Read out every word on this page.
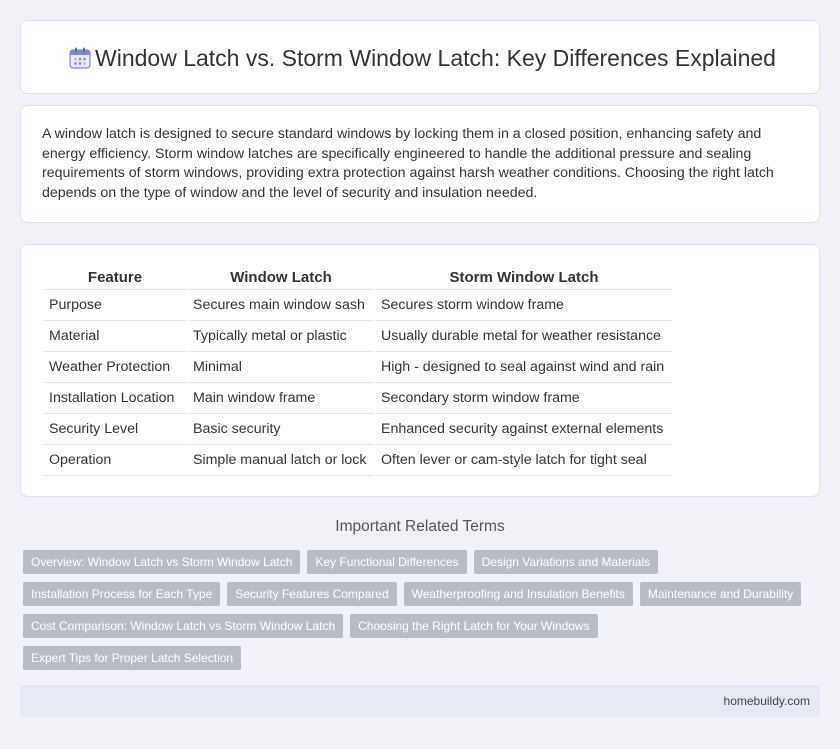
Window Latch vs. Storm Window Latch: Key Differences Explained

A window latch is designed to secure standard windows by locking them in a closed position, enhancing safety and energy efficiency. Storm window latches are specifically engineered to handle the additional pressure and sealing requirements of storm windows, providing extra protection against harsh weather conditions. Choosing the right latch depends on the type of window and the level of security and insulation needed.

Feature	Window Latch	Storm Window Latch
Purpose	Secures main window sash	Secures storm window frame
Material	Typically metal or plastic	Usually durable metal for weather resistance
Weather Protection	Minimal	High - designed to seal against wind and rain
Installation Location	Main window frame	Secondary storm window frame
Security Level	Basic security	Enhanced security against external elements
Operation	Simple manual latch or lock	Often lever or cam-style latch for tight seal
Important Related Terms
Overview: Window Latch vs Storm Window Latch	Key Functional Differences	Design Variations and Materials
Installation Process for Each Type	Security Features Compared	Weatherproofing and Insulation Benefits	Maintenance and Durability
Cost Comparison: Window Latch vs Storm Window Latch	Choosing the Right Latch for Your Windows
Expert Tips for Proper Latch Selection
homebuildy.com
